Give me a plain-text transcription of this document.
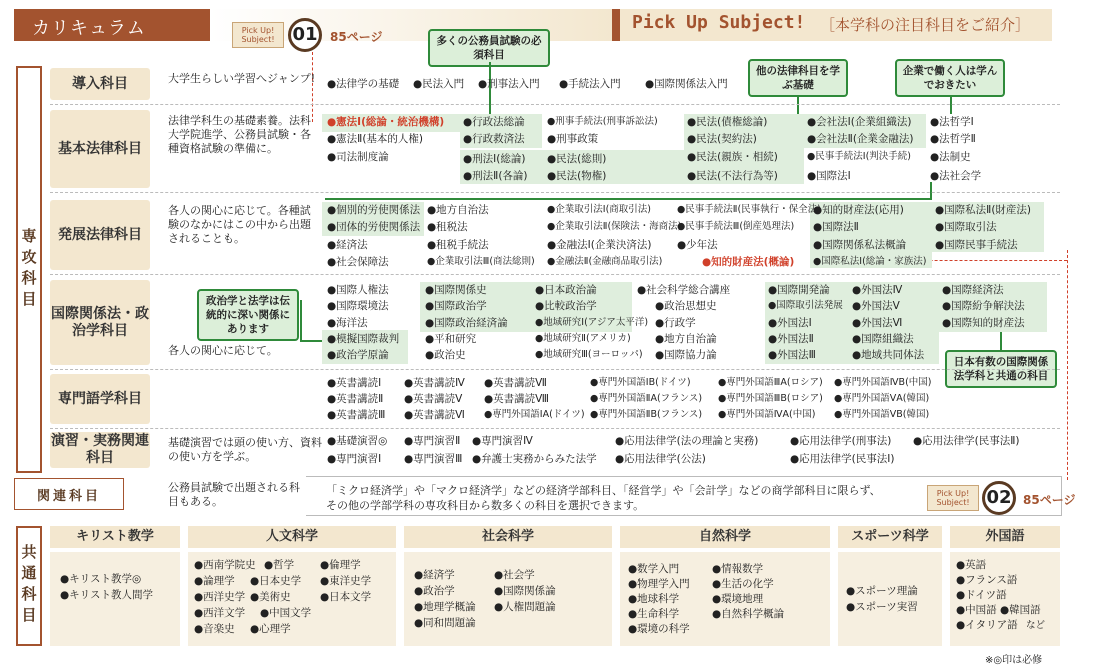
カリキュラム	Pick Up Subject! ［本学科の注目科目をご紹介］
Pick Up!
Subject! 01	85ページ	多くの公務員試験の必須科目
他の法律科目を学ぶ基礎
企業で働く人は学んでおきたい
政治学と法学は伝統的に深い関係にあります
日本有数の国際関係法学科と共通の科目
専攻科目
導入科目	大学生らしい学習へジャンプ! ●法律学の基礎 ●民法入門 ●刑事法入門 ●手続法入門 ●国際関係法入門
基本法律科目
法律学科生の基礎素養。法科大学院進学、公務員試験・各種資格試験の準備に。
●憲法Ⅰ(総論・統治機構)
●憲法Ⅱ(基本的人権)
●司法制度論
●行政法総論
●行政救済法
●刑法Ⅰ(総論)
●刑法Ⅱ(各論)
●刑事手続法(刑事訴訟法)
●刑事政策
●民法(総則)
●民法(物権)
●民法(債権総論)
●民法(契約法)
●民法(親族・相続)
●民法(不法行為等)
●会社法Ⅰ(企業組織法)
●会社法Ⅱ(企業金融法)
●民事手続法Ⅰ(判決手続)
●国際法Ⅰ
●法哲学Ⅰ
●法哲学Ⅱ
●法制史
●法社会学
発展法律科目
各人の関心に応じて。各種試験のなかにはこの中から出題されることも。
●個別的労使関係法
●団体的労使関係法
●経済法
●社会保障法
●地方自治法
●租税法
●租税手続法
●企業取引法Ⅰ(商取引法)
●企業取引法Ⅱ(保険法・海商法)
●金融法Ⅰ(企業決済法)
●企業取引法Ⅲ(商法総則) ●金融法Ⅱ(金融商品取引法)
●民事手続法Ⅱ(民事執行・保全法)
●民事手続法Ⅲ(倒産処理法)
●少年法
●知的財産法(概論)
●知的財産法(応用)
●国際法Ⅱ
●国際関係私法概論
●国際私法Ⅰ(総論・家族法)
●国際私法Ⅱ(財産法)
●国際取引法
●国際民事手続法
国際関係法・政治学科目
各人の関心に応じて。
●国際人権法
●国際環境法
●海洋法
●模擬国際裁判
●政治学原論
●国際関係史
●国際政治学
●国際政治経済論
●平和研究
●政治史
●日本政治論
●比較政治学
●地域研究Ⅰ(アジア太平洋)
●地域研究Ⅱ(アメリカ)
●地域研究Ⅲ(ヨーロッパ)
●社会科学総合講座
●政治思想史
●行政学
●地方自治論
●国際協力論
●国際開発論
●国際取引法発展
●外国法Ⅰ
●外国法Ⅱ
●外国法Ⅲ
●外国法Ⅳ
●外国法Ⅴ
●外国法Ⅵ
●国際組織法
●地域共同体法
●国際経済法
●国際紛争解決法
●国際知的財産法
専門語学科目
●英書講読Ⅰ
●英書講読Ⅱ
●英書講読Ⅲ
●英書講読Ⅳ
●英書講読Ⅴ
●英書講読Ⅵ
●英書講読Ⅶ
●英書講読Ⅷ
●専門外国語ⅠA(ドイツ)
●専門外国語ⅠB(ドイツ)
●専門外国語ⅡA(フランス)
●専門外国語ⅡB(フランス)
●専門外国語ⅢA(ロシア)
●専門外国語ⅢB(ロシア)
●専門外国語ⅣA(中国)
●専門外国語ⅣB(中国)
●専門外国語ⅤA(韓国)
●専門外国語ⅤB(韓国)
演習・実務関連科目
基礎演習では頭の使い方、資料の使い方を学ぶ。
●基礎演習◎
●専門演習Ⅰ
●専門演習Ⅱ
●専門演習Ⅲ
●専門演習Ⅳ
●弁護士実務からみた法学
●応用法律学(法の理論と実務)
●応用法律学(公法)
●応用法律学(刑事法)
●応用法律学(民事法Ⅰ)
●応用法律学(民事法Ⅱ)
関連科目
公務員試験で出題される科目もある。
「ミクロ経済学」や「マクロ経済学」などの経済学部科目、「経営学」や「会計学」などの商学部科目に限らず、
その他の学部学科の専攻科目から数多くの科目を選択できます。
Pick Up!
Subject! 02 85ページ
共通科目
キリスト教学
●キリスト教学◎
●キリスト教人間学
人文科学
●西南学院史 ●哲学 ●倫理学
●論理学 ●日本史学 ●東洋史学
●西洋史学 ●美術史	●日本文学
●西洋文学 ●中国文学
●音楽史 ●心理学
社会科学
●経済学
●政治学
●地理学概論
●同和問題論
●社会学
●国際関係論
●人権問題論
自然科学
●数学入門
●物理学入門
●地球科学
●生命科学
●環境の科学
●情報数学
●生活の化学
●環境地理
●自然科学概論
スポーツ科学
●スポーツ理論
●スポーツ実習
外国語
●英語
●フランス語
●ドイツ語
●中国語 ●韓国語
●イタリア語 など
※◎印は必修
